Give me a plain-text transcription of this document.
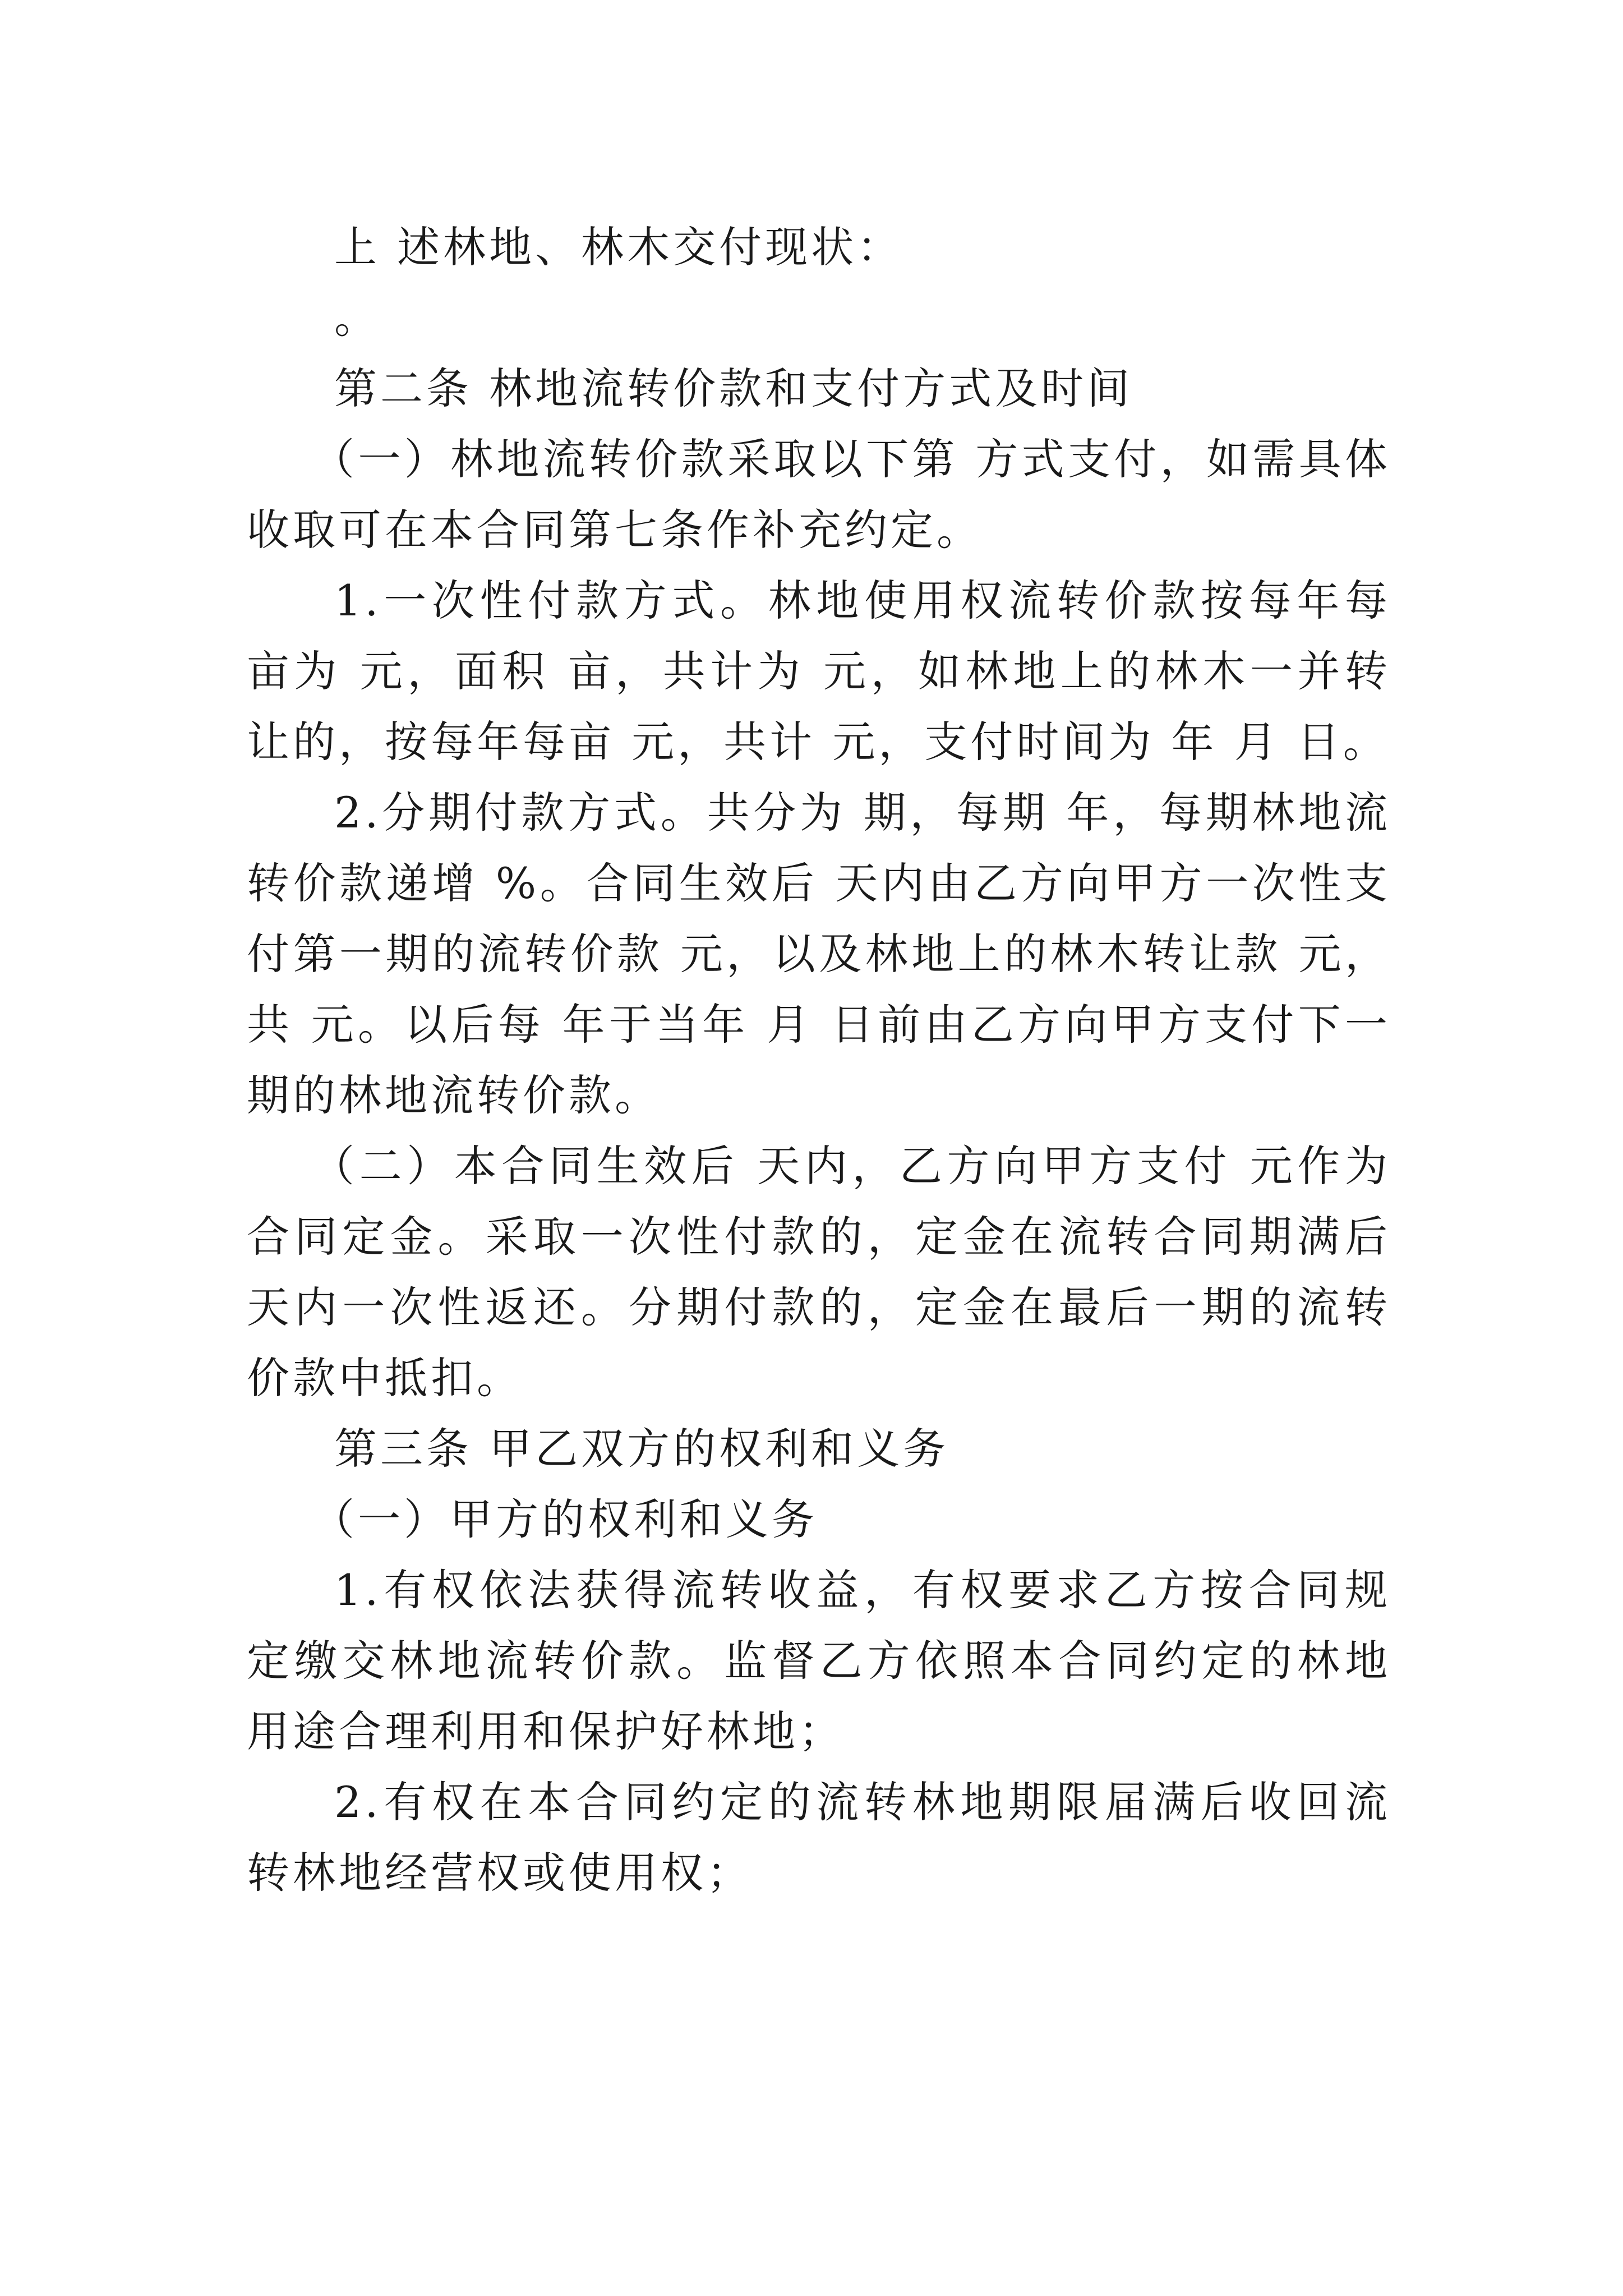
上 述林地、林木交付现状：

。

第二条 林地流转价款和支付方式及时间

（一）林地流转价款采取以下第 方式支付，如需具体收取可在本合同第七条作补充约定。

1.一次性付款方式。林地使用权流转价款按每年每亩为 元，面积 亩，共计为 元，如林地上的林木一并转让的，按每年每亩 元，共计 元，支付时间为 年 月 日。

2.分期付款方式。共分为 期，每期 年，每期林地流转价款递增 %。合同生效后 天内由乙方向甲方一次性支付第一期的流转价款 元，以及林地上的林木转让款 元，共 元。以后每 年于当年 月 日前由乙方向甲方支付下一期的林地流转价款。

（二）本合同生效后 天内，乙方向甲方支付 元作为合同定金。采取一次性付款的，定金在流转合同期满后 天内一次性返还。分期付款的，定金在最后一期的流转价款中抵扣。

第三条 甲乙双方的权利和义务

（一）甲方的权利和义务

1.有权依法获得流转收益，有权要求乙方按合同规定缴交林地流转价款。监督乙方依照本合同约定的林地用途合理利用和保护好林地；

2.有权在本合同约定的流转林地期限届满后收回流转林地经营权或使用权；
